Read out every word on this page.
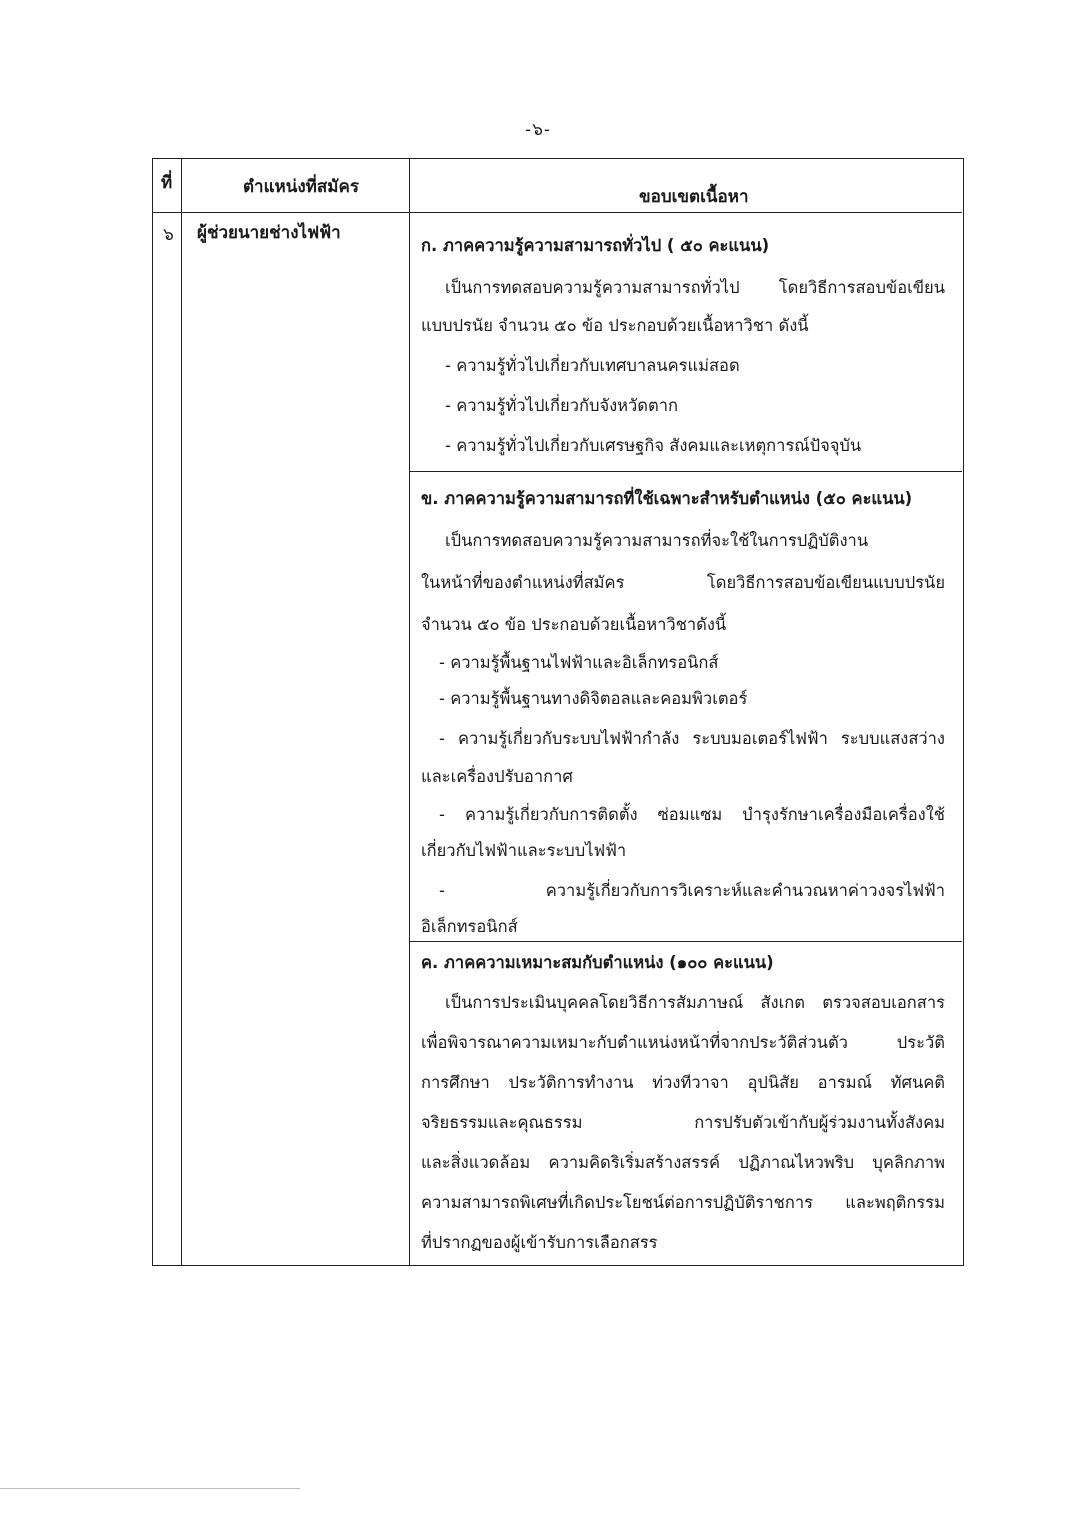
-๖-
ที่	ตำแหน่งที่สมัคร	ขอบเขตเนื้อหา
๖ ผู้ช่วยนายช่างไฟฟ้า
ก. ภาคความรู้ความสามารถทั่วไป ( ๕๐ คะแนน)
เป็นการทดสอบความรู้ความสามารถทั่วไป โดยวิธีการสอบข้อเขียน
แบบปรนัย จำนวน ๕๐ ข้อ ประกอบด้วยเนื้อหาวิชา ดังนี้
- ความรู้ทั่วไปเกี่ยวกับเทศบาลนครแม่สอด
- ความรู้ทั่วไปเกี่ยวกับจังหวัดตาก
- ความรู้ทั่วไปเกี่ยวกับเศรษฐกิจ สังคมและเหตุการณ์ปัจจุบัน
ข. ภาคความรู้ความสามารถที่ใช้เฉพาะสำหรับตำแหน่ง (๕๐ คะแนน)
เป็นการทดสอบความรู้ความสามารถที่จะใช้ในการปฏิบัติงาน
ในหน้าที่ของตำแหน่งที่สมัคร โดยวิธีการสอบข้อเขียนแบบปรนัย
จำนวน ๕๐ ข้อ ประกอบด้วยเนื้อหาวิชาดังนี้
- ความรู้พื้นฐานไฟฟ้าและอิเล็กทรอนิกส์
- ความรู้พื้นฐานทางดิจิตอลและคอมพิวเตอร์
- ความรู้เกี่ยวกับระบบไฟฟ้ากำลัง ระบบมอเตอร์ไฟฟ้า ระบบแสงสว่าง
และเครื่องปรับอากาศ
- ความรู้เกี่ยวกับการติดตั้ง ซ่อมแซม บำรุงรักษาเครื่องมือเครื่องใช้
เกี่ยวกับไฟฟ้าและระบบไฟฟ้า
- ความรู้เกี่ยวกับการวิเคราะห์และคำนวณหาค่าวงจรไฟฟ้า
อิเล็กทรอนิกส์
ค. ภาคความเหมาะสมกับตำแหน่ง (๑๐๐ คะแนน)
เป็นการประเมินบุคคลโดยวิธีการสัมภาษณ์ สังเกต ตรวจสอบเอกสาร
เพื่อพิจารณาความเหมาะกับตำแหน่งหน้าที่จากประวัติส่วนตัว ประวัติ
การศึกษา ประวัติการทำงาน ท่วงทีวาจา อุปนิสัย อารมณ์ ทัศนคติ
จริยธรรมและคุณธรรม การปรับตัวเข้ากับผู้ร่วมงานทั้งสังคม
และสิ่งแวดล้อม ความคิดริเริ่มสร้างสรรค์ ปฏิภาณไหวพริบ บุคลิกภาพ
ความสามารถพิเศษที่เกิดประโยชน์ต่อการปฏิบัติราชการ และพฤติกรรม
ที่ปรากฏของผู้เข้ารับการเลือกสรร
